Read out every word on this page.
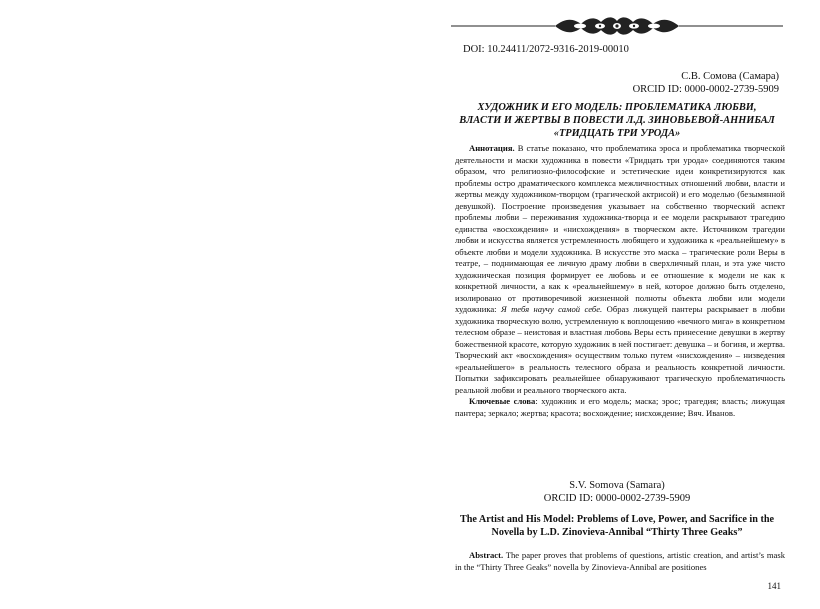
DOI: 10.24411/2072-9316-2019-00010
С.В. Сомова (Самара)
ORCID ID: 0000-0002-2739-5909
ХУДОЖНИК И ЕГО МОДЕЛЬ: ПРОБЛЕМАТИКА ЛЮБВИ,
ВЛАСТИ И ЖЕРТВЫ В ПОВЕСТИ Л.Д. ЗИНОВЬЕВОЙ-АННИБАЛ
«ТРИДЦАТЬ ТРИ УРОДА»

Аннотация. В статье показано, что проблематика эроса и проблематика творческой деятельности и маски художника в повести «Тридцать три урода» соединяются таким образом, что религиозно-философские и эстетические идеи конкретизируются как проблемы остро драматического комплекса межличностных отношений любви, власти и жертвы между художником-творцом (трагической актрисой) и его моделью (безымянной девушкой). Построение произведения указывает на собственно творческий аспект проблемы любви – переживания художника-творца и ее модели раскрывают трагедию единства «восхождения» и «нисхождения» в творческом акте. Источником трагедии любви и искусства является устремленность любящего и художника к «реальнейшему» в объекте любви и модели художника. В искусстве это маска – трагические роли Веры в театре, – поднимающая ее личную драму любви в сверхличный план, и эта уже чисто художническая позиция формирует ее любовь и ее отношение к модели не как к конкретной личности, а как к «реальнейшему» в ней, которое должно быть отделено, изолировано от противоречивой жизненной полноты объекта любви или модели художника: Я тебя научу самой себе. Образ лижущей пантеры раскрывает в любви художника творческую волю, устремленную к воплощению «вечного мига» в конкретном телесном образе – неистовая и властная любовь Веры есть принесение девушки в жертву божественной красоте, которую художник в ней постигает: девушка – и богиня, и жертва. Творческий акт «восхождения» осуществим только путем «нисхождения» – низведения «реальнейшего» в реальность телесного образа и реальность конкретной личности. Попытки зафиксировать реальнейшее обнаруживают трагическую проблематичность реальной любви и реального творческого акта.

Ключевые слова: художник и его модель; маска; эрос; трагедия; власть; лижущая пантера; зеркало; жертва; красота; восхождение; нисхождение; Вяч. Иванов.

S.V. Somova (Samara)
ORCID ID: 0000-0002-2739-5909
The Artist and His Model: Problems of Love, Power, and Sacrifice in the
Novella by L.D. Zinovieva-Annibal “Thirty Three Geaks”

Abstract. The paper proves that problems of questions, artistic creation, and artist’s mask in the “Thirty Three Geaks” novella by Zinovieva-Annibal are positiones

141
